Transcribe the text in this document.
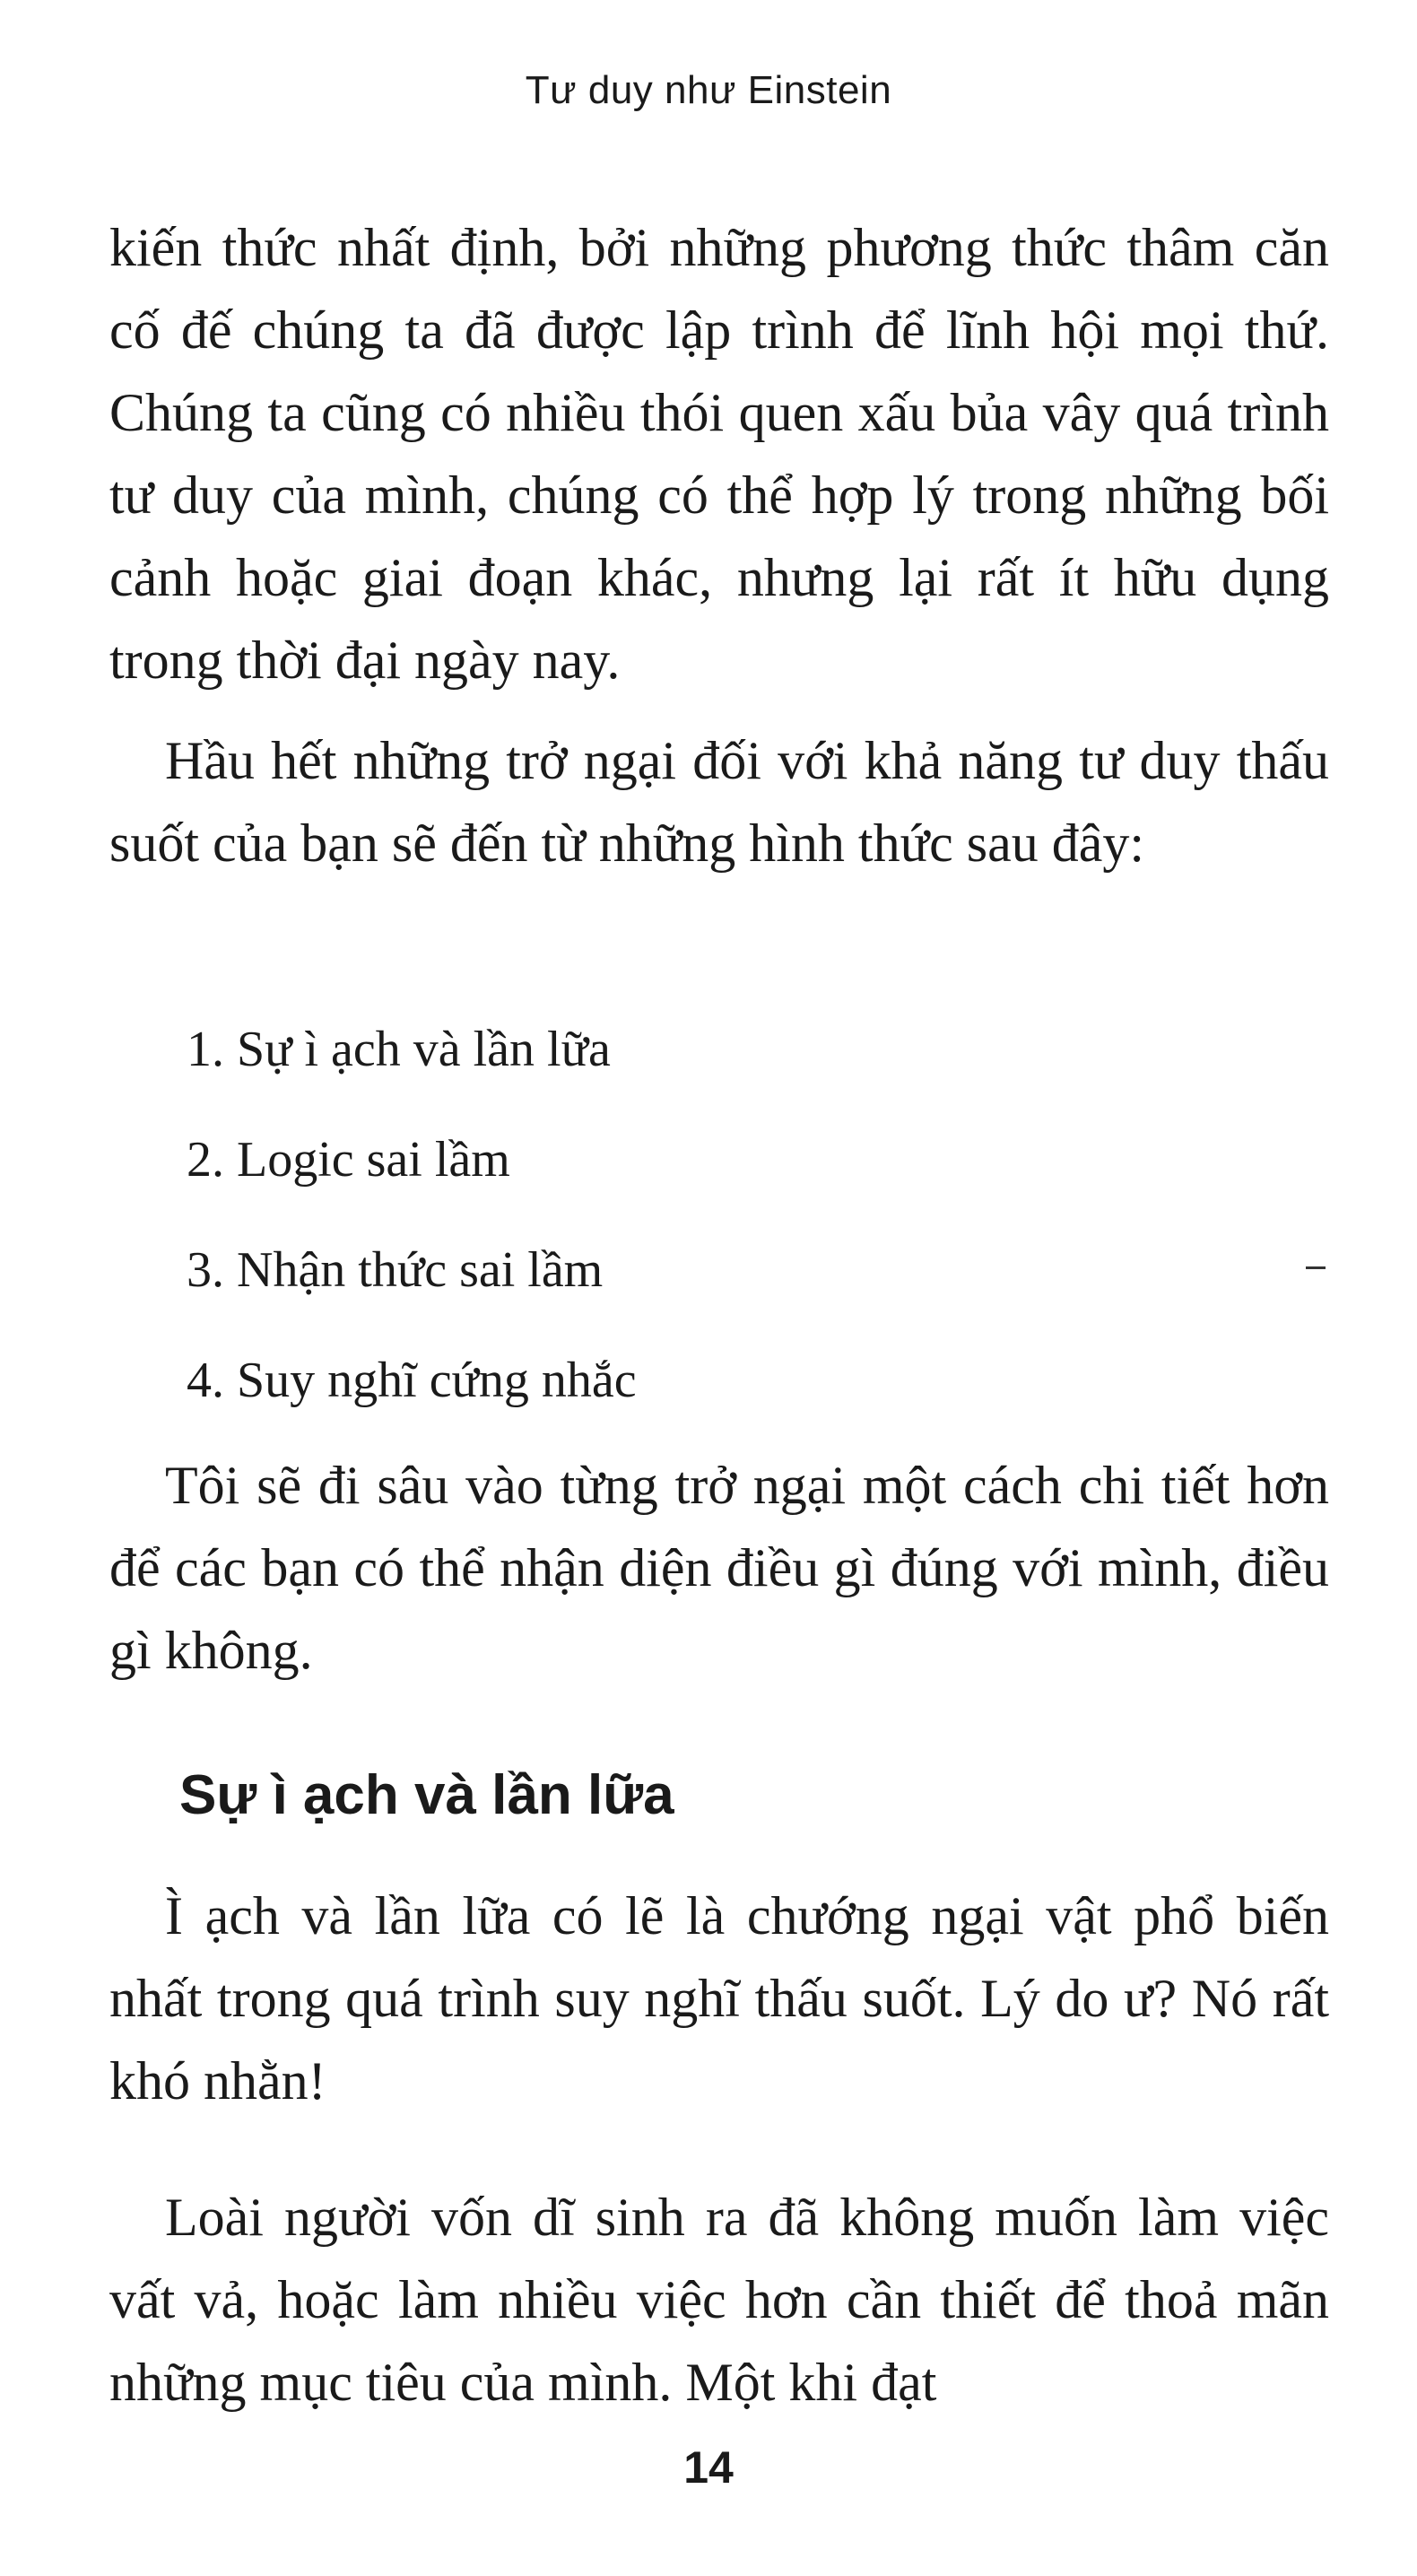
Tư duy như Einstein

kiến thức nhất định, bởi những phương thức thâm căn cố đế chúng ta đã được lập trình để lĩnh hội mọi thứ. Chúng ta cũng có nhiều thói quen xấu bủa vây quá trình tư duy của mình, chúng có thể hợp lý trong những bối cảnh hoặc giai đoạn khác, nhưng lại rất ít hữu dụng trong thời đại ngày nay.

Hầu hết những trở ngại đối với khả năng tư duy thấu suốt của bạn sẽ đến từ những hình thức sau đây:

1. Sự ì ạch và lần lữa

2. Logic sai lầm

3. Nhận thức sai lầm

4. Suy nghĩ cứng nhắc

Tôi sẽ đi sâu vào từng trở ngại một cách chi tiết hơn để các bạn có thể nhận diện điều gì đúng với mình, điều gì không.

Sự ì ạch và lần lữa

Ì ạch và lần lữa có lẽ là chướng ngại vật phổ biến nhất trong quá trình suy nghĩ thấu suốt. Lý do ư? Nó rất khó nhằn!

Loài người vốn dĩ sinh ra đã không muốn làm việc vất vả, hoặc làm nhiều việc hơn cần thiết để thoả mãn những mục tiêu của mình. Một khi đạt

14
